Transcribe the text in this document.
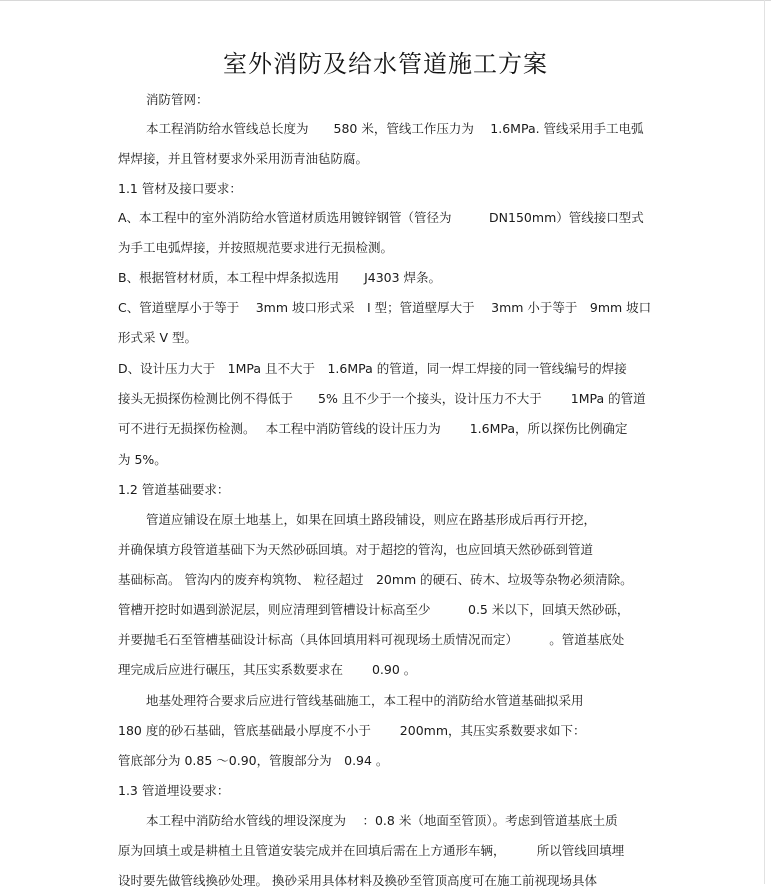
室外消防及给水管道施工方案
消防管网：
本工程消防给水管线总长度为　　580 米，管线工作压力为　 1.6MPa. 管线采用手工电弧
焊焊接，并且管材要求外采用沥青油毡防腐。
1.1 管材及接口要求：
A、本工程中的室外消防给水管道材质选用镀锌钢管（管径为　　　DN150mm）管线接口型式
为手工电弧焊接，并按照规范要求进行无损检测。
B、根据管材材质，本工程中焊条拟选用　　J4303 焊条。
C、管道壁厚小于等于　 3mm 坡口形式采　I 型；管道壁厚大于　 3mm 小于等于　9mm 坡口
形式采 V 型。
D、设计压力大于　1MPa 且不大于　1.6MPa 的管道，同一焊工焊接的同一管线编号的焊接
接头无损探伤检测比例不得低于　　5% 且不少于一个接头，设计压力不大于　　 1MPa 的管道
可不进行无损探伤检测。　 本工程中消防管线的设计压力为　　 1.6MPa，所以探伤比例确定
为 5%。
1.2 管道基础要求：
管道应铺设在原土地基上，如果在回填土路段铺设，则应在路基形成后再行开挖，
并确保填方段管道基础下为天然砂砾回填。对于超挖的管沟，也应回填天然砂砾到管道
基础标高。 管沟内的废弃构筑物、 粒径超过　20mm 的硬石、砖木、垃圾等杂物必须清除。
管槽开挖时如遇到淤泥层，则应清理到管槽设计标高至少　　　0.5 米以下，回填天然砂砾，
并要抛毛石至管槽基础设计标高（具体回填用料可视现场土质情况而定）　　　。管道基底处
理完成后应进行碾压，其压实系数要求在　　 0.90 。
地基处理符合要求后应进行管线基础施工，本工程中的消防给水管道基础拟采用
180 度的砂石基础，管底基础最小厚度不小于　　 200mm，其压实系数要求如下：
管底部分为 0.85 ～0.90，管腹部分为　0.94 。
1.3 管道埋设要求：
本工程中消防给水管线的埋设深度为　 ：0.8 米（地面至管顶）。考虑到管道基底土质
原为回填土或是耕植土且管道安装完成并在回填后需在上方通形车辆，　　　所以管线回填埋
设时要先做管线換砂处理。 換砂采用具体材料及換砂至管顶高度可在施工前视现场具体
